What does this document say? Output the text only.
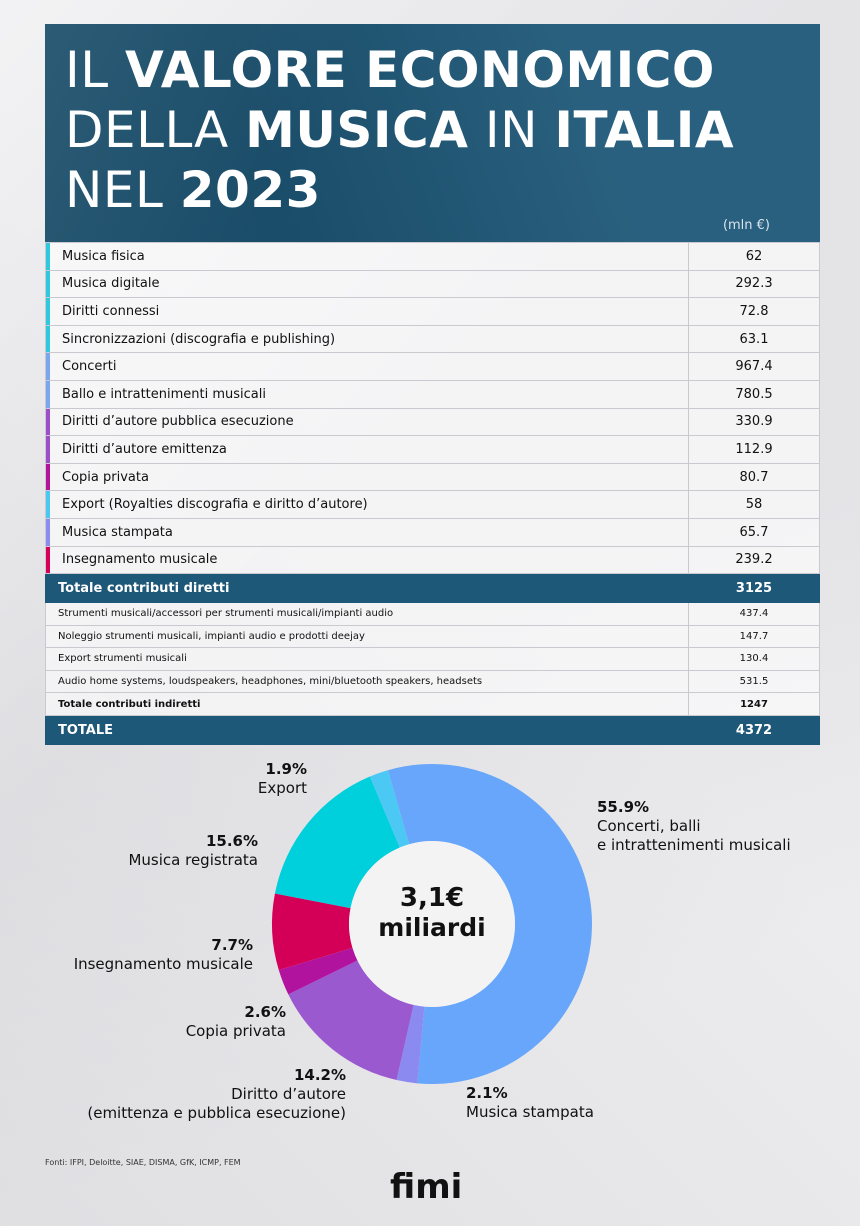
IL VALORE ECONOMICO
DELLA MUSICA IN ITALIA
NEL 2023
(mln €)
Musica fisica	62

Musica digitale	292.3

Diritti connessi	72.8

Sincronizzazioni (discografia e publishing)	63.1

Concerti	967.4

Ballo e intrattenimenti musicali	780.5

Diritti d’autore pubblica esecuzione	330.9

Diritti d’autore emittenza	112.9

Copia privata	80.7

Export (Royalties discografia e diritto d’autore)	58

Musica stampata	65.7

Insegnamento musicale	239.2
Totale contributi diretti	3125
Strumenti musicali/accessori per strumenti musicali/impianti audio	437.4
Noleggio strumenti musicali, impianti audio e prodotti deejay	147.7
Export strumenti musicali	130.4
Audio home systems, loudspeakers, headphones, mini/bluetooth speakers, headsets	531.5
Totale contributi indiretti	1247
TOTALE	4372
3,1€
miliardi
55.9%
Concerti, balli
e intrattenimenti musicali
2.1%
Musica stampata
14.2%
Diritto d’autore
(emittenza e pubblica esecuzione)
2.6%
Copia privata
7.7%
Insegnamento musicale
15.6%
Musica registrata
1.9%
Export
Fonti: IFPI, Deloitte, SIAE, DISMA, GfK, ICMP, FEM
fimi
